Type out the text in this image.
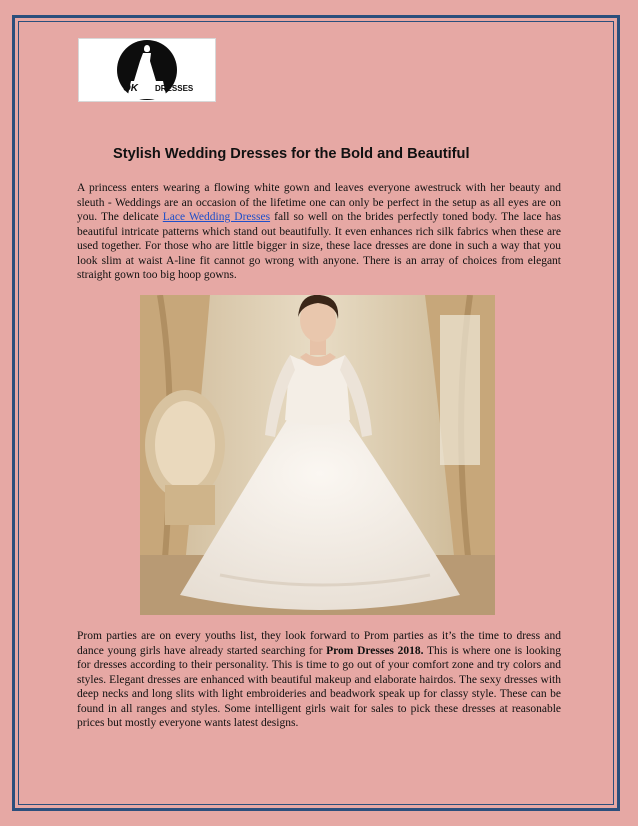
OK DRESSES
Stylish Wedding Dresses for the Bold and Beautiful

A princess enters wearing a flowing white gown and leaves everyone awestruck with her beauty and sleuth - Weddings are an occasion of the lifetime one can only be perfect in the setup as all eyes are on you. The delicate Lace Wedding Dresses fall so well on the brides perfectly toned body. The lace has beautiful intricate patterns which stand out beautifully. It even enhances rich silk fabrics when these are used together. For those who are little bigger in size, these lace dresses are done in such a way that you look slim at waist A-line fit cannot go wrong with anyone. There is an array of choices from elegant straight gown too big hoop gowns.

Prom parties are on every youths list, they look forward to Prom parties as it’s the time to dress and dance young girls have already started searching for Prom Dresses 2018. This is where one is looking for dresses according to their personality. This is time to go out of your comfort zone and try colors and styles. Elegant dresses are enhanced with beautiful makeup and elaborate hairdos. The sexy dresses with deep necks and long slits with light embroideries and beadwork speak up for classy style. These can be found in all ranges and styles. Some intelligent girls wait for sales to pick these dresses at reasonable prices but mostly everyone wants latest designs.
